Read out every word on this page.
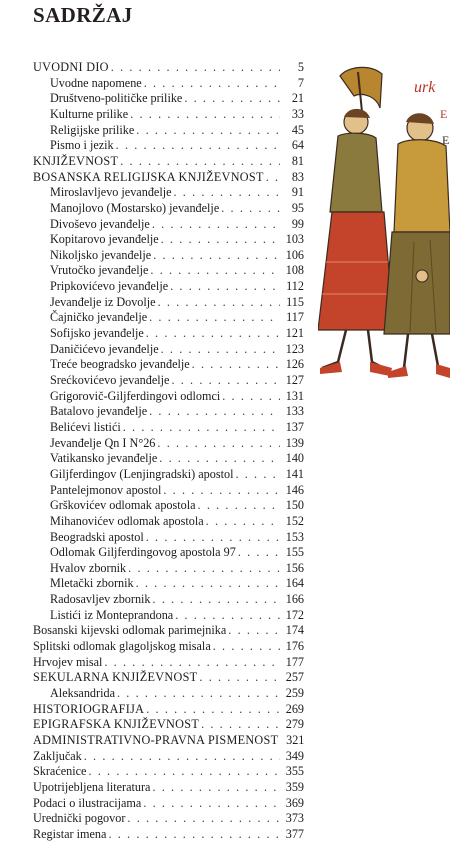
SADRŽAJ
UVODNI DIO . . .	5
Uvodne napomene . . .	7
Društveno-političke prilike . . .	21
Kulturne prilike . . .	33
Religijske prilike . . .	45
Pismo i jezik . . .	64
KNJIŽEVNOST . . .	81
BOSANSKA RELIGIJSKA KNJIŽEVNOST . . .	83
Miroslavljevo jevanđelje . . .	91
Manojlovo (Mostarsko) jevanđelje . . .	95
Divoševo jevanđelje . . .	99
Kopitarovo jevanđelje . . .	103
Nikoljsko jevanđelje . . .	106
Vrutočko jevanđelje . . .	108
Pripkovićevo jevanđelje . . .	112
Jevanđelje iz Dovolje . . .	115
Čajničko jevanđelje . . .	117
Sofijsko jevanđelje . . .	121
Daničićevo jevanđelje . . .	123
Treće beogradsko jevanđelje . . .	126
Srećkovićevo jevanđelje . . .	127
Grigorovič-Giljferdingovi odlomci . . .	131
Batalovo jevanđelje . . .	133
Belićevi listići . . .	137
Jevanđelje Qn I N°26 . . .	139
Vatikansko jevanđelje . . .	140
Giljferdingov (Lenjingradski) apostol . . .	141
Pantelejmonov apostol . . .	146
Grškovićev odlomak apostola . . .	150
Mihanovićev odlomak apostola . . .	152
Beogradski apostol . . .	153
Odlomak Giljferdingovog apostola 97 . . .	155
Hvalov zbornik . . .	156
Mletački zbornik . . .	164
Radosavljev zbornik . . .	166
Listići iz Monteprandona . . .	172
Bosanski kijevski odlomak parimejnika . . .	174
Splitski odlomak glagoljskog misala . . .	176
Hrvojev misal . . .	177
SEKULARNA KNJIŽEVNOST . . .	257
Aleksandrida . . .	259
HISTORIOGRAFIJA . . .	269
EPIGRAFSKA KNJIŽEVNOST . . .	279
ADMINISTRATIVNO-PRAVNA PISMENOST 321
Zaključak . . .	349
Skraćenice . . .	355
Upotrijebljena literatura . . .	359
Podaci o ilustracijama . . .	369
Urednički pogovor . . .	373
Registar imena . . .	377
urk
E
E
